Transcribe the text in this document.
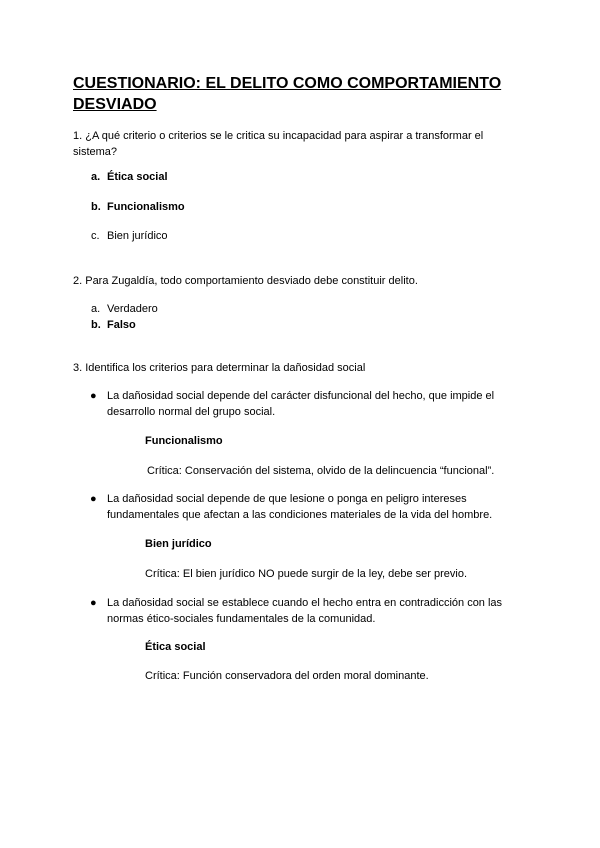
CUESTIONARIO: EL DELITO COMO COMPORTAMIENTO DESVIADO

1. ¿A qué criterio o criterios se le critica su incapacidad para aspirar a transformar el sistema?

a. Ética social

b. Funcionalismo

c. Bien jurídico

2. Para Zugaldía, todo comportamiento desviado debe constituir delito.

a. Verdadero

b. Falso

3. Identifica los criterios para determinar la dañosidad social

● La dañosidad social depende del carácter disfuncional del hecho, que impide el desarrollo normal del grupo social.

Funcionalismo

Crítica: Conservación del sistema, olvido de la delincuencia “funcional”.

● La dañosidad social depende de que lesione o ponga en peligro intereses fundamentales que afectan a las condiciones materiales de la vida del hombre.

Bien jurídico

Crítica: El bien jurídico NO puede surgir de la ley, debe ser previo.

● La dañosidad social se establece cuando el hecho entra en contradicción con las normas ético-sociales fundamentales de la comunidad.

Ética social

Crítica: Función conservadora del orden moral dominante.
